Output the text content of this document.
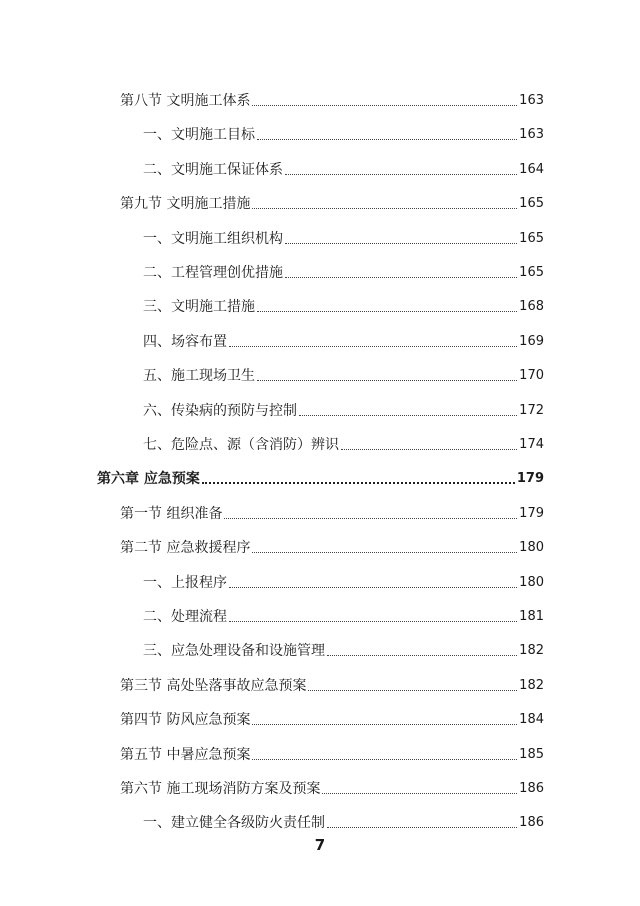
第八节 文明施工体系	163
一、文明施工目标	163
二、文明施工保证体系	164
第九节 文明施工措施	165
一、文明施工组织机构	165
二、工程管理创优措施	165
三、文明施工措施	168
四、场容布置	169
五、施工现场卫生	170
六、传染病的预防与控制	172
七、危险点、源（含消防）辨识	174
第六章 应急预案	179
第一节 组织准备	179
第二节 应急救援程序	180
一、上报程序	180
二、处理流程	181
三、应急处理设备和设施管理	182
第三节 高处坠落事故应急预案	182
第四节 防风应急预案	184
第五节 中暑应急预案	185
第六节 施工现场消防方案及预案	186
一、建立健全各级防火责任制	186
7
